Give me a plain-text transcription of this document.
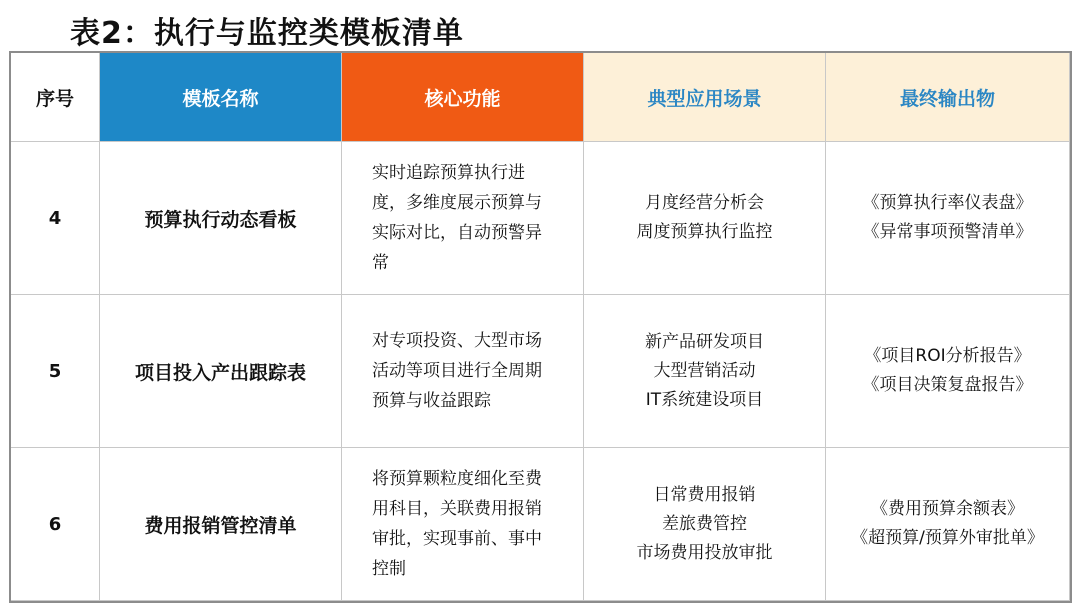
表2：执行与监控类模板清单
序号	模板名称	核心功能	典型应用场景	最终输出物
4	预算执行动态看板	实时追踪预算执行进
度，多维度展示预算与
实际对比，自动预警异
常	月度经营分析会
周度预算执行监控	《预算执行率仪表盘》
《异常事项预警清单》

5	项目投入产出跟踪表	对专项投资、大型市场
活动等项目进行全周期
预算与收益跟踪	新产品研发项目
大型营销活动
IT系统建设项目	《项目ROI分析报告》
《项目决策复盘报告》

6	费用报销管控清单	将预算颗粒度细化至费
用科目，关联费用报销
审批，实现事前、事中
控制	日常费用报销
差旅费管控
市场费用投放审批	《费用预算余额表》
《超预算/预算外审批单》
